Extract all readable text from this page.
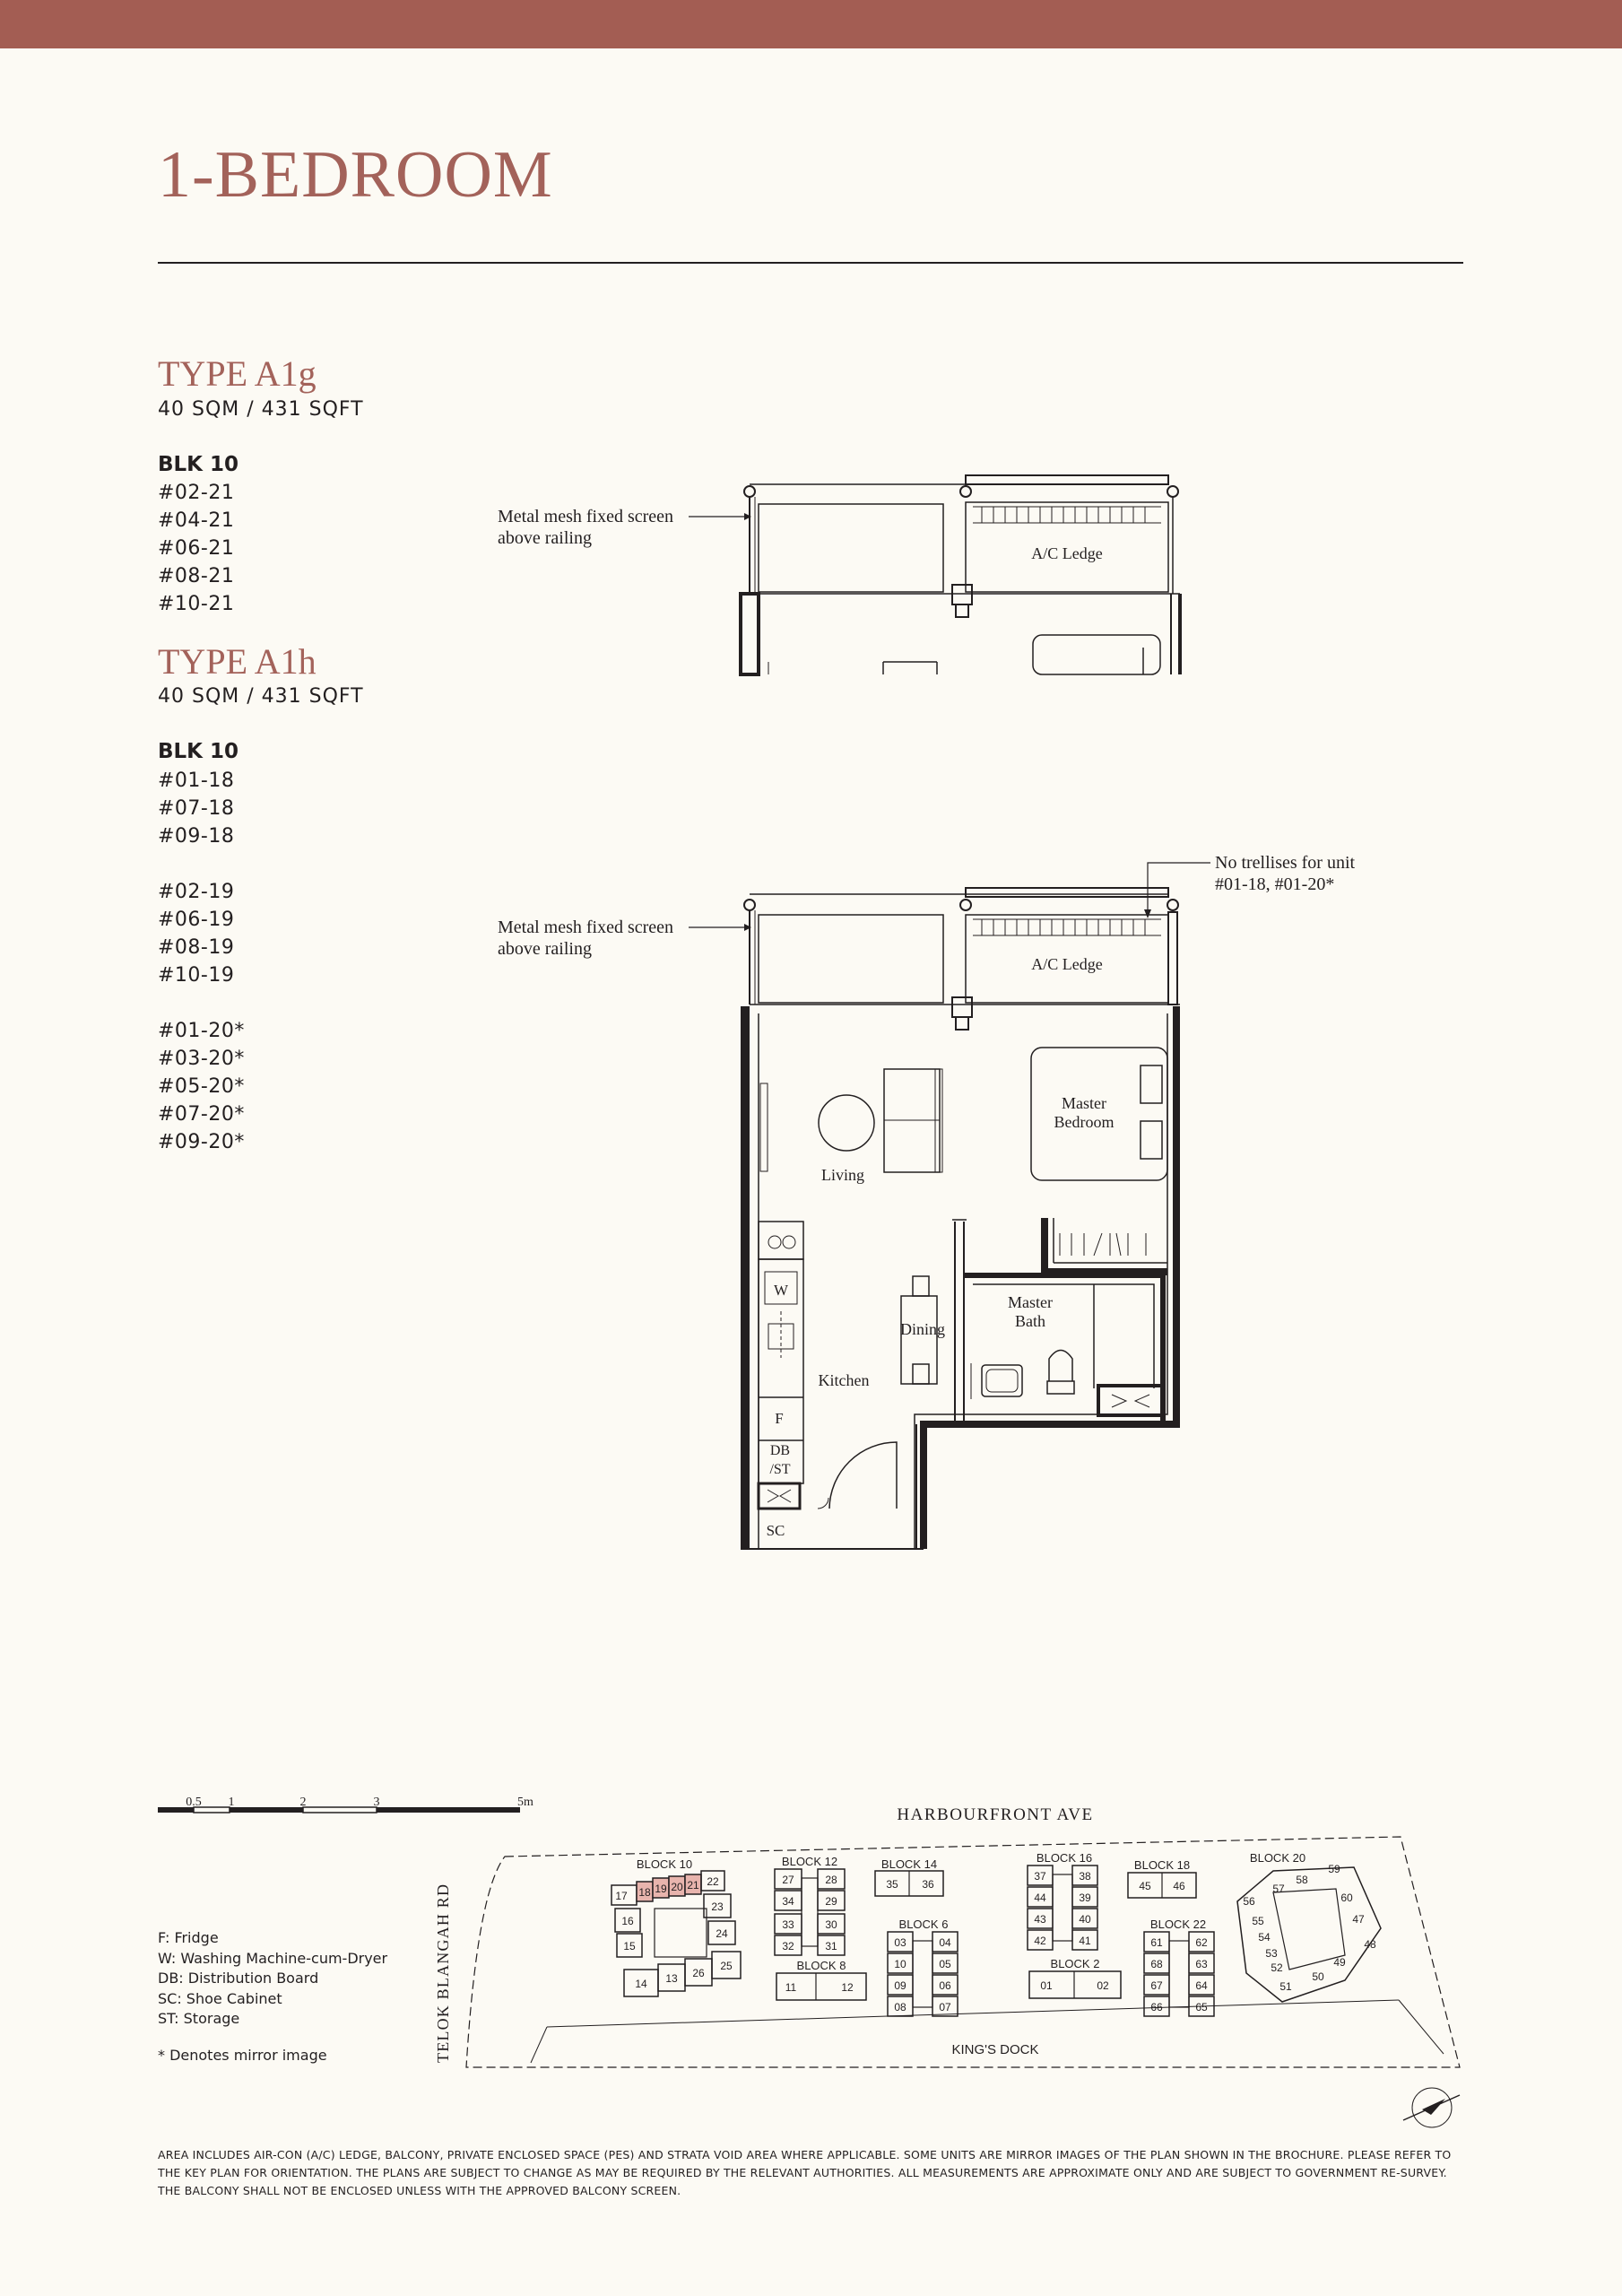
1-BEDROOM
TYPE A1g
40 SQM / 431 SQFT
BLK 10
#02-21
#04-21
#06-21
#08-21
#10-21
TYPE A1h
40 SQM / 431 SQFT
BLK 10
#01-18
#07-18
#09-18
#02-19
#06-19
#08-19
#10-19
#01-20*
#03-20*
#05-20*
#07-20*
#09-20*
Metal mesh fixed screen
above railing
A/C Ledge
Metal mesh fixed screen
above railing
A/C Ledge
No trellises for unit
#01-18, #01-20*
Living
Master
Bedroom
Master
Bath
Dining
Kitchen
W
F
DB
/ST
SC
0.5 1	2	3	5m
HARBOURFRONT AVE
TELOK BLANGAH RD	KING'S DOCK
BLOCK 10	BLOCK 12	BLOCK 14
BLOCK 8
BLOCK 6
BLOCK 16
BLOCK 2
BLOCK 18
BLOCK 22
BLOCK 20
17 18 19 20 21 22
16
23
15
24
14 13 26
25
27	28
34	29
33	30
32	31
35 36
11	12
03	04
10	05
09	06
08	07
37	38
44	39
43	40
42	41
01	02
45 46
61	62
68	63
67	64
66	65
56
57
58
59
55
60
54
47
53
52
48
51
50
49
F: Fridge
W: Washing Machine-cum-Dryer
DB: Distribution Board
SC: Shoe Cabinet
ST: Storage
* Denotes mirror image

AREA INCLUDES AIR-CON (A/C) LEDGE, BALCONY, PRIVATE ENCLOSED SPACE (PES) AND STRATA VOID AREA WHERE APPLICABLE. SOME UNITS ARE MIRROR IMAGES OF THE PLAN SHOWN IN THE BROCHURE. PLEASE REFER TO THE KEY PLAN FOR ORIENTATION. THE PLANS ARE SUBJECT TO CHANGE AS MAY BE REQUIRED BY THE RELEVANT AUTHORITIES. ALL MEASUREMENTS ARE APPROXIMATE ONLY AND ARE SUBJECT TO GOVERNMENT RE-SURVEY. THE BALCONY SHALL NOT BE ENCLOSED UNLESS WITH THE APPROVED BALCONY SCREEN.
